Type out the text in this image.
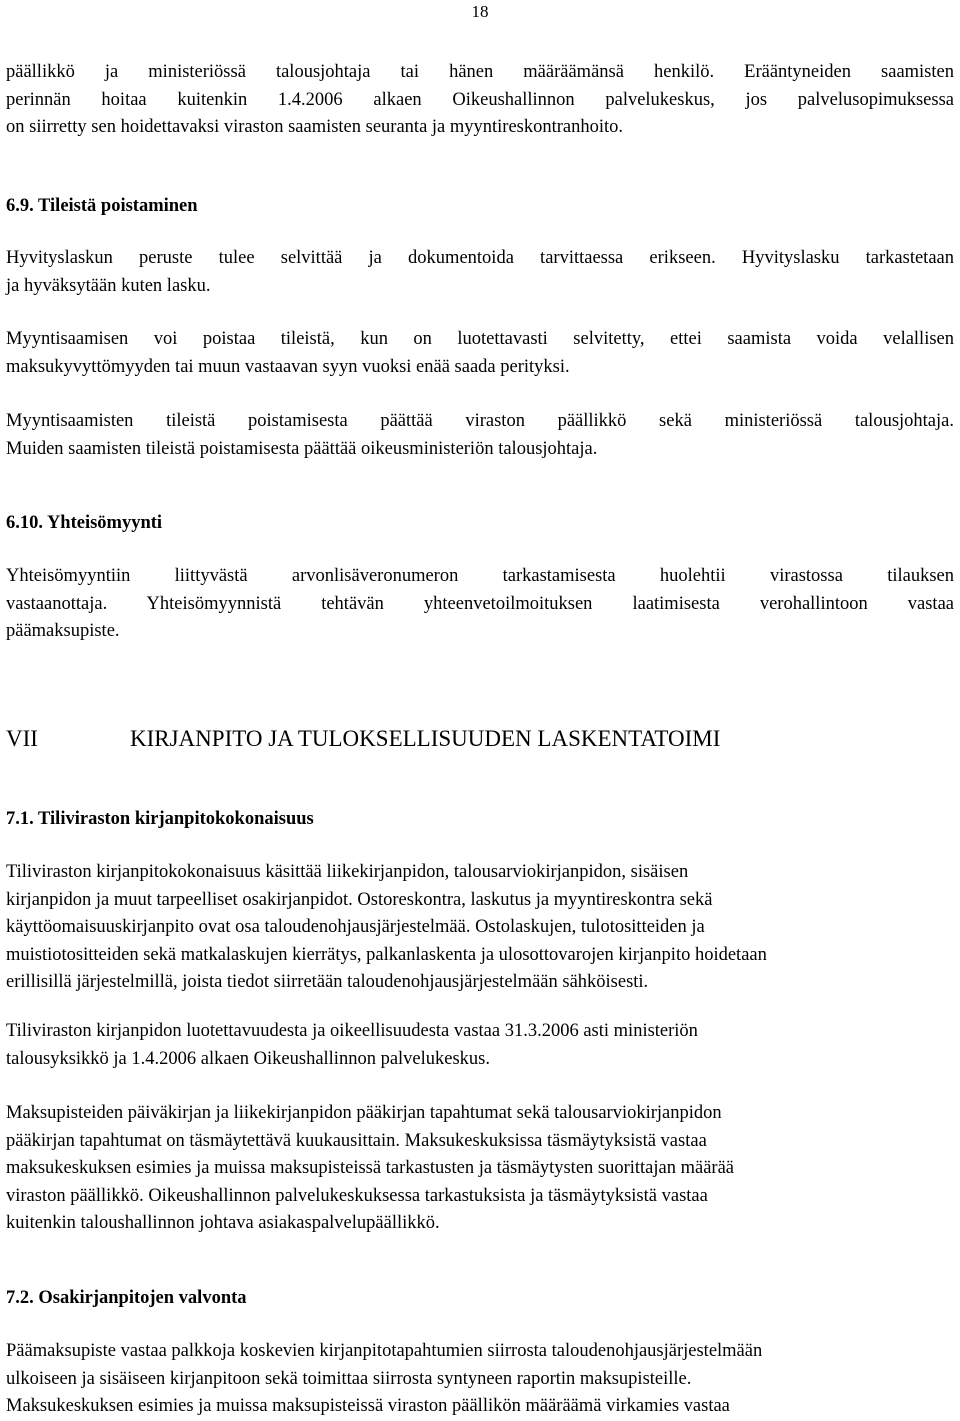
18
päällikkö ja ministeriössä talousjohtaja tai hänen määräämänsä henkilö. Erääntyneiden saamisten
perinnän hoitaa kuitenkin 1.4.2006 alkaen Oikeushallinnon palvelukeskus, jos palvelusopimuksessa
on siirretty sen hoidettavaksi viraston saamisten seuranta ja myyntireskontranhoito.
6.9. Tileistä poistaminen
Hyvityslaskun peruste tulee selvittää ja dokumentoida tarvittaessa erikseen. Hyvityslasku tarkastetaan
ja hyväksytään kuten lasku.
Myyntisaamisen voi poistaa tileistä, kun on luotettavasti selvitetty, ettei saamista voida velallisen
maksukyvyttömyyden tai muun vastaavan syyn vuoksi enää saada perityksi.
Myyntisaamisten tileistä poistamisesta päättää viraston päällikkö sekä ministeriössä talousjohtaja.
Muiden saamisten tileistä poistamisesta päättää oikeusministeriön talousjohtaja.
6.10. Yhteisömyynti
Yhteisömyyntiin liittyvästä arvonlisäveronumeron tarkastamisesta huolehtii virastossa tilauksen
vastaanottaja. Yhteisömyynnistä tehtävän yhteenvetoilmoituksen laatimisesta verohallintoon vastaa
päämaksupiste.
VII	KIRJANPITO JA TULOKSELLISUUDEN LASKENTATOIMI
7.1. Tiliviraston kirjanpitokokonaisuus
Tiliviraston kirjanpitokokonaisuus käsittää liikekirjanpidon, talousarviokirjanpidon, sisäisen
kirjanpidon ja muut tarpeelliset osakirjanpidot. Ostoreskontra, laskutus ja myyntireskontra sekä
käyttöomaisuuskirjanpito ovat osa taloudenohjausjärjestelmää. Ostolaskujen, tulotositteiden ja
muistiotositteiden sekä matkalaskujen kierrätys, palkanlaskenta ja ulosottovarojen kirjanpito hoidetaan
erillisillä järjestelmillä, joista tiedot siirretään taloudenohjausjärjestelmään sähköisesti.
Tiliviraston kirjanpidon luotettavuudesta ja oikeellisuudesta vastaa 31.3.2006 asti ministeriön
talousyksikkö ja 1.4.2006 alkaen Oikeushallinnon palvelukeskus.
Maksupisteiden päiväkirjan ja liikekirjanpidon pääkirjan tapahtumat sekä talousarviokirjanpidon
pääkirjan tapahtumat on täsmäytettävä kuukausittain. Maksukeskuksissa täsmäytyksistä vastaa
maksukeskuksen esimies ja muissa maksupisteissä tarkastusten ja täsmäytysten suorittajan määrää
viraston päällikkö. Oikeushallinnon palvelukeskuksessa tarkastuksista ja täsmäytyksistä vastaa
kuitenkin taloushallinnon johtava asiakaspalvelupäällikkö.
7.2. Osakirjanpitojen valvonta
Päämaksupiste vastaa palkkoja koskevien kirjanpitotapahtumien siirrosta taloudenohjausjärjestelmään
ulkoiseen ja sisäiseen kirjanpitoon sekä toimittaa siirrosta syntyneen raportin maksupisteille.
Maksukeskuksen esimies ja muissa maksupisteissä viraston päällikön määräämä virkamies vastaa
